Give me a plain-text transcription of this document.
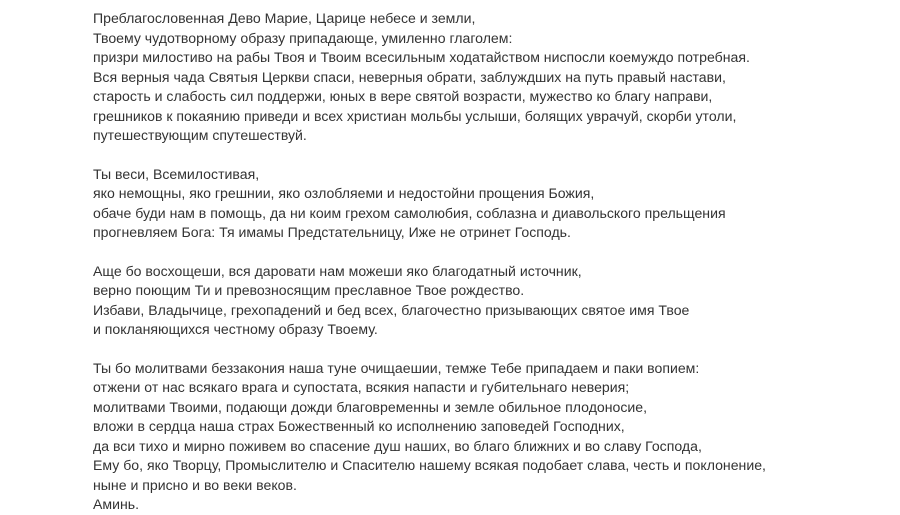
Преблагословенная Дево Марие, Царице небесе и земли,
Твоему чудотворному образу припадающе, умиленно глаголем:
призри милостиво на рабы Твоя и Твоим всесильным ходатайством ниспосли коемуждо потребная.
Вся верныя чада Святыя Церкви спаси, неверныя обрати, заблуждших на путь правый настави,
старость и слабость сил поддержи, юных в вере святой возрасти, мужество ко благу направи,
грешников к покаянию приведи и всех христиан мольбы услыши, болящих уврачуй, скорби утоли,
путешествующим спутешествуй.
Ты веси, Всемилостивая,
яко немощны, яко грешнии, яко озлобляеми и недостойни прощения Божия,
обаче буди нам в помощь, да ни коим грехом самолюбия, соблазна и диавольского прельщения
прогневляем Бога: Тя имамы Предстательницу, Иже не отринет Господь.
Аще бо восхощеши, вся даровати нам можеши яко благодатный источник,
верно поющим Ти и превозносящим преславное Твое рождество.
Избави, Владычице, грехопадений и бед всех, благочестно призывающих святое имя Твое
и покланяющихся честному образу Твоему.
Ты бо молитвами беззакония наша туне очищаешии, темже Тебе припадаем и паки вопием:
отжени от нас всякаго врага и супостата, всякия напасти и губительнаго неверия;
молитвами Твоими, подающи дожди благовременны и земле обильное плодоносие,
вложи в сердца наша страх Божественный ко исполнению заповедей Господних,
да вси тихо и мирно поживем во спасение душ наших, во благо ближних и во славу Господа,
Ему бо, яко Творцу, Промыслителю и Спасителю нашему всякая подобает слава, честь и поклонение,
ныне и присно и во веки веков.
Аминь.
